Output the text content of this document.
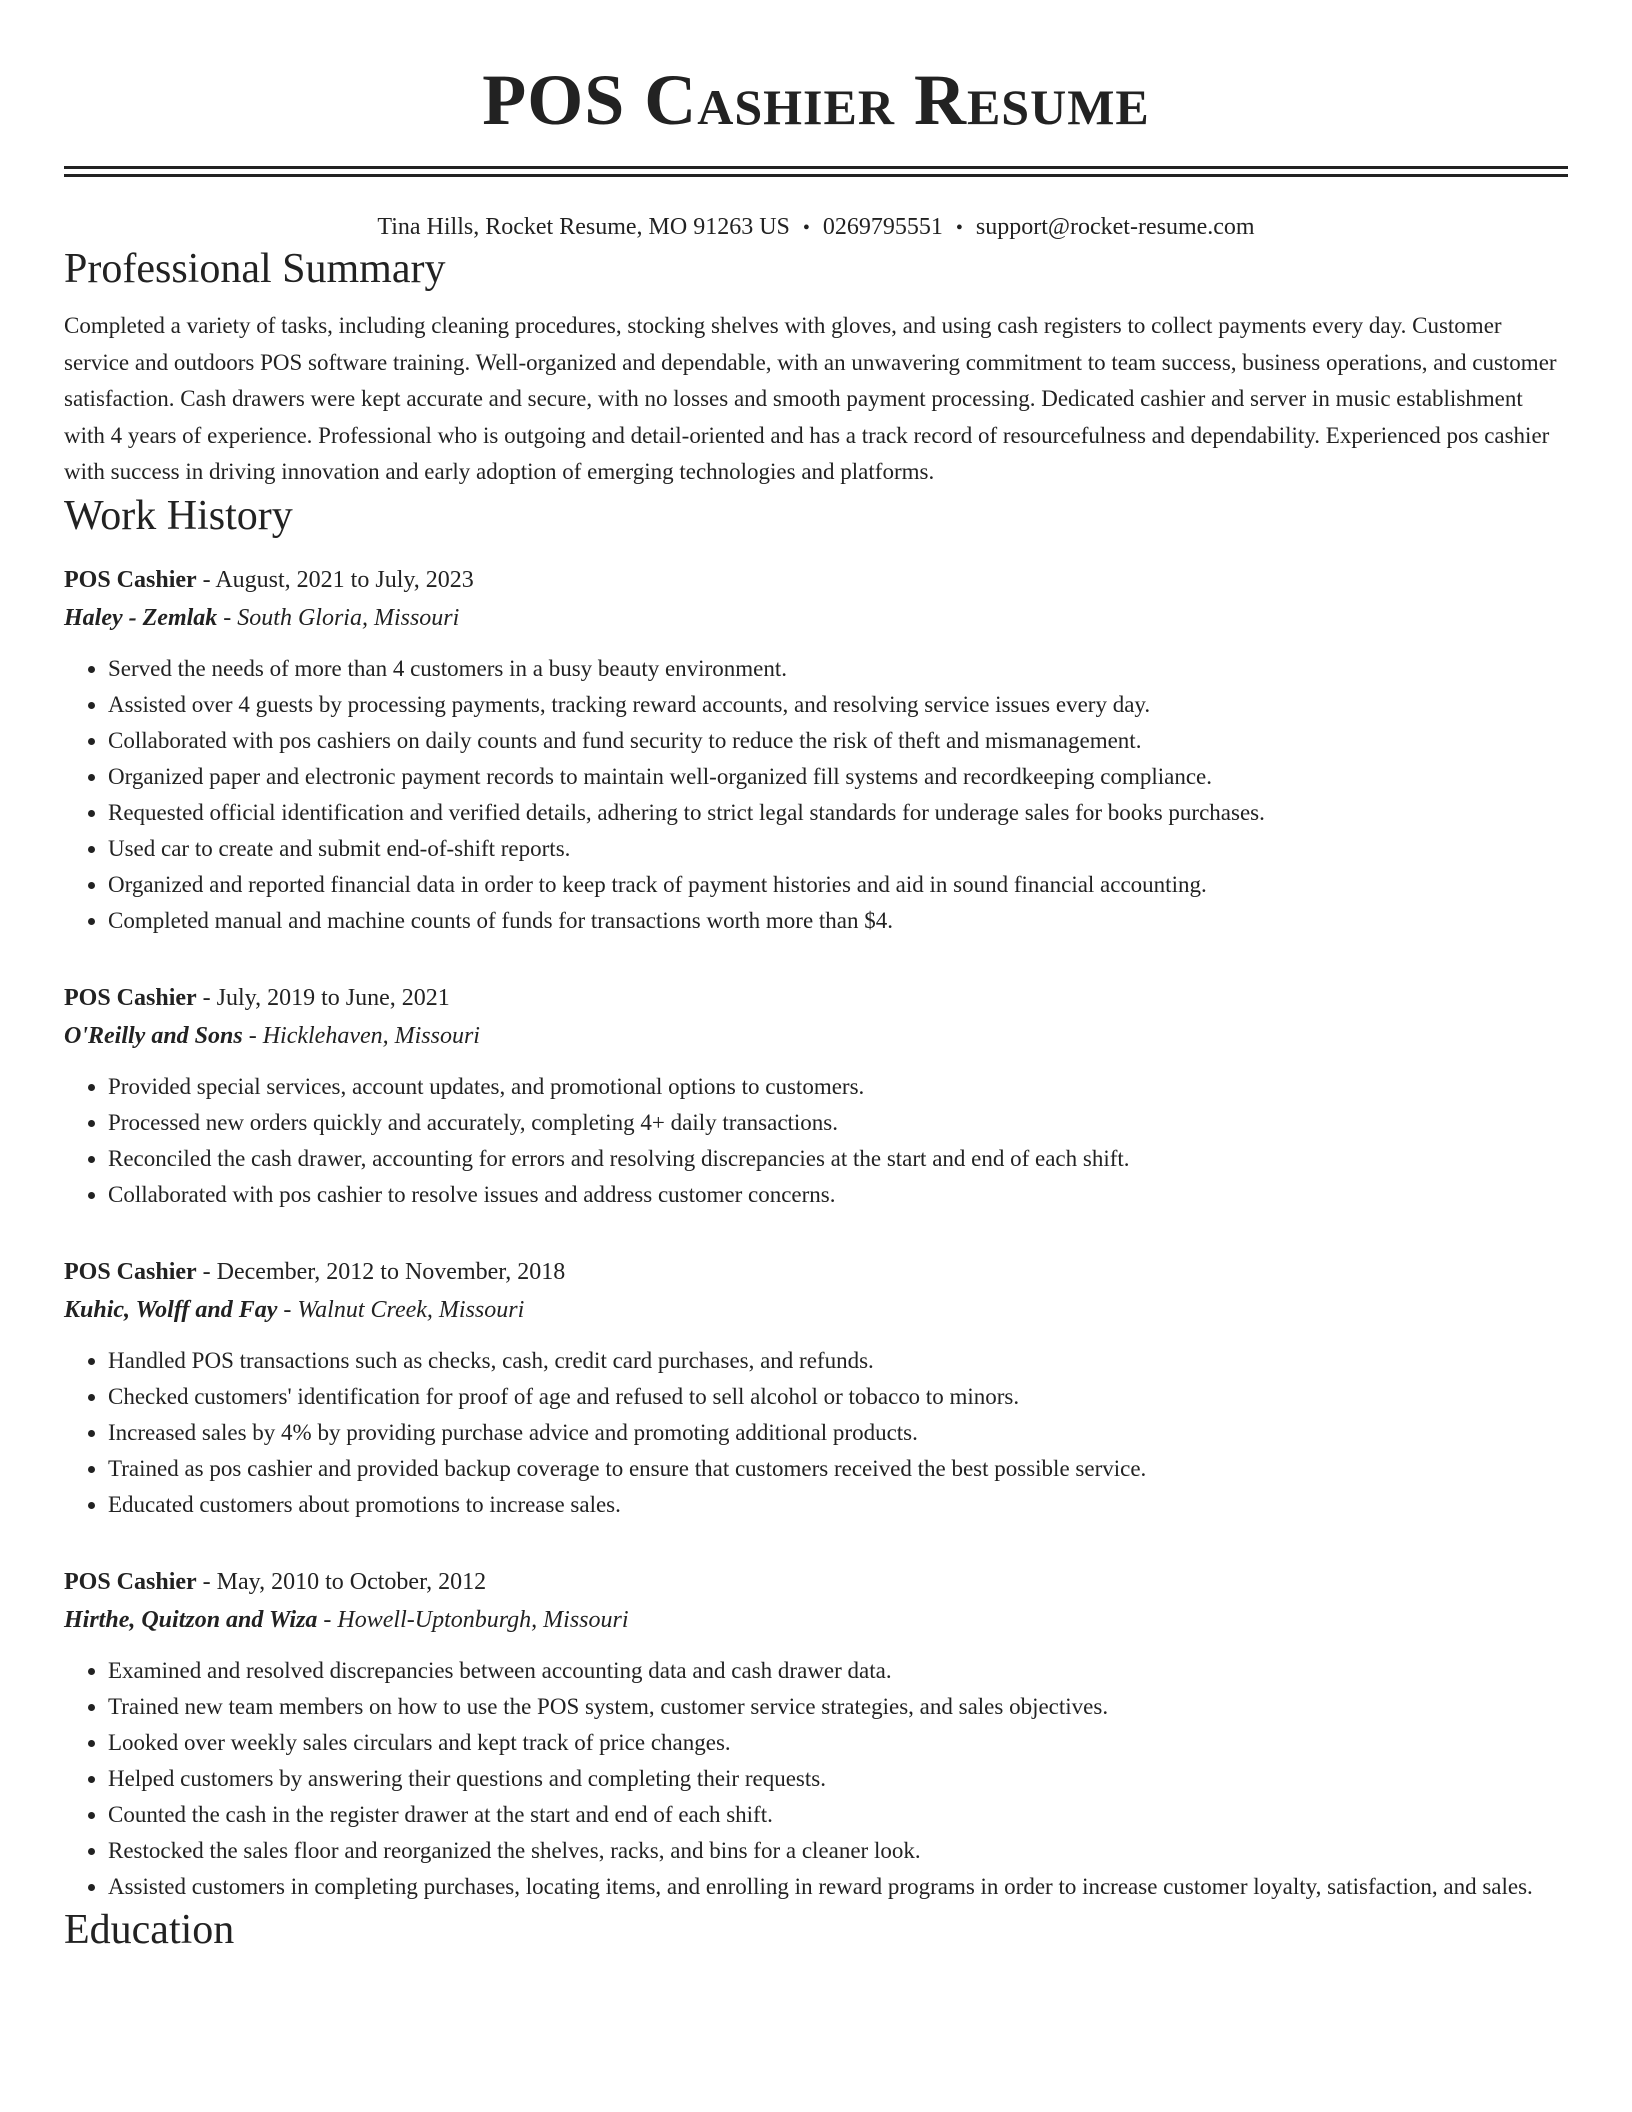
POS Cashier Resume
Tina Hills, Rocket Resume, MO 91263 US • 0269795551 • support@rocket-resume.com
Professional Summary

Completed a variety of tasks, including cleaning procedures, stocking shelves with gloves, and using cash registers to collect payments every day. Customer service and outdoors POS software training. Well-organized and dependable, with an unwavering commitment to team success, business operations, and customer satisfaction. Cash drawers were kept accurate and secure, with no losses and smooth payment processing. Dedicated cashier and server in music establishment with 4 years of experience. Professional who is outgoing and detail-oriented and has a track record of resourcefulness and dependability. Experienced pos cashier with success in driving innovation and early adoption of emerging technologies and platforms.

Work History
POS Cashier - August, 2021 to July, 2023
Haley - Zemlak - South Gloria, Missouri
• Served the needs of more than 4 customers in a busy beauty environment.
• Assisted over 4 guests by processing payments, tracking reward accounts, and resolving service issues every day.
• Collaborated with pos cashiers on daily counts and fund security to reduce the risk of theft and mismanagement.
• Organized paper and electronic payment records to maintain well-organized fill systems and recordkeeping compliance.
• Requested official identification and verified details, adhering to strict legal standards for underage sales for books purchases.
• Used car to create and submit end-of-shift reports.
• Organized and reported financial data in order to keep track of payment histories and aid in sound financial accounting.
• Completed manual and machine counts of funds for transactions worth more than $4.
POS Cashier - July, 2019 to June, 2021
O'Reilly and Sons - Hicklehaven, Missouri
• Provided special services, account updates, and promotional options to customers.
• Processed new orders quickly and accurately, completing 4+ daily transactions.
• Reconciled the cash drawer, accounting for errors and resolving discrepancies at the start and end of each shift.
• Collaborated with pos cashier to resolve issues and address customer concerns.
POS Cashier - December, 2012 to November, 2018
Kuhic, Wolff and Fay - Walnut Creek, Missouri
• Handled POS transactions such as checks, cash, credit card purchases, and refunds.
• Checked customers' identification for proof of age and refused to sell alcohol or tobacco to minors.
• Increased sales by 4% by providing purchase advice and promoting additional products.
• Trained as pos cashier and provided backup coverage to ensure that customers received the best possible service.
• Educated customers about promotions to increase sales.
POS Cashier - May, 2010 to October, 2012
Hirthe, Quitzon and Wiza - Howell-Uptonburgh, Missouri
• Examined and resolved discrepancies between accounting data and cash drawer data.
• Trained new team members on how to use the POS system, customer service strategies, and sales objectives.
• Looked over weekly sales circulars and kept track of price changes.
• Helped customers by answering their questions and completing their requests.
• Counted the cash in the register drawer at the start and end of each shift.
• Restocked the sales floor and reorganized the shelves, racks, and bins for a cleaner look.
• Assisted customers in completing purchases, locating items, and enrolling in reward programs in order to increase customer loyalty, satisfaction, and sales.
Education
